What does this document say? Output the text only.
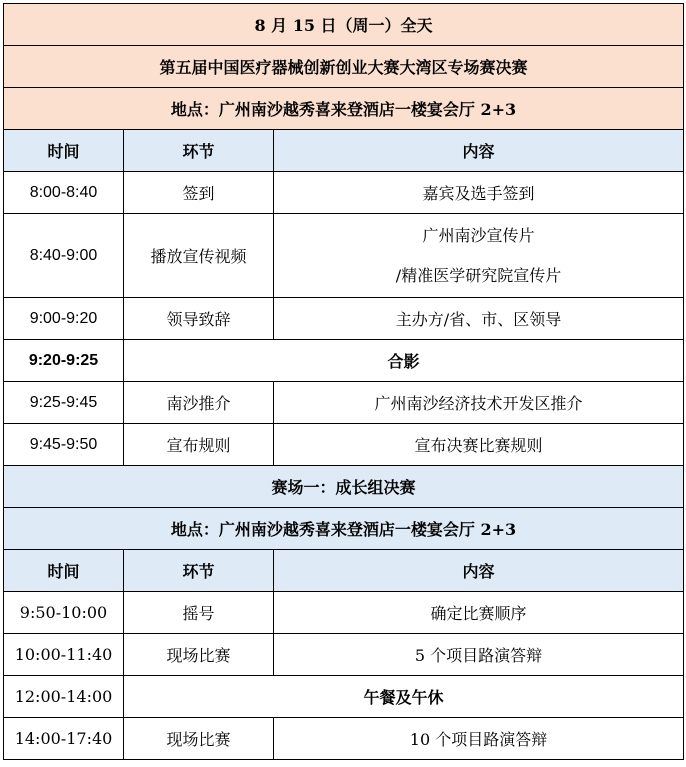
8 月 15 日（周一）全天		
第五届中国医疗器械创新创业大赛大湾区专场赛决赛		
地点：广州南沙越秀喜来登酒店一楼宴会厅 2+3		
时间	环节	内容
8:00-8:40	签到	嘉宾及选手签到
8:40-9:00	播放宣传视频	广州南沙宣传片
/精准医学研究院宣传片

9:00-9:20	领导致辞	主办方/省、市、区领导
9:20-9:25	合影	
9:25-9:45	南沙推介	广州南沙经济技术开发区推介
9:45-9:50	宣布规则	宣布决赛比赛规则
赛场一：成长组决赛		
地点：广州南沙越秀喜来登酒店一楼宴会厅 2+3		
时间	环节	内容
9:50-10:00	摇号	确定比赛顺序
10:00-11:40	现场比赛	5 个项目路演答辩
12:00-14:00	午餐及午休	
14:00-17:40	现场比赛	10 个项目路演答辩
